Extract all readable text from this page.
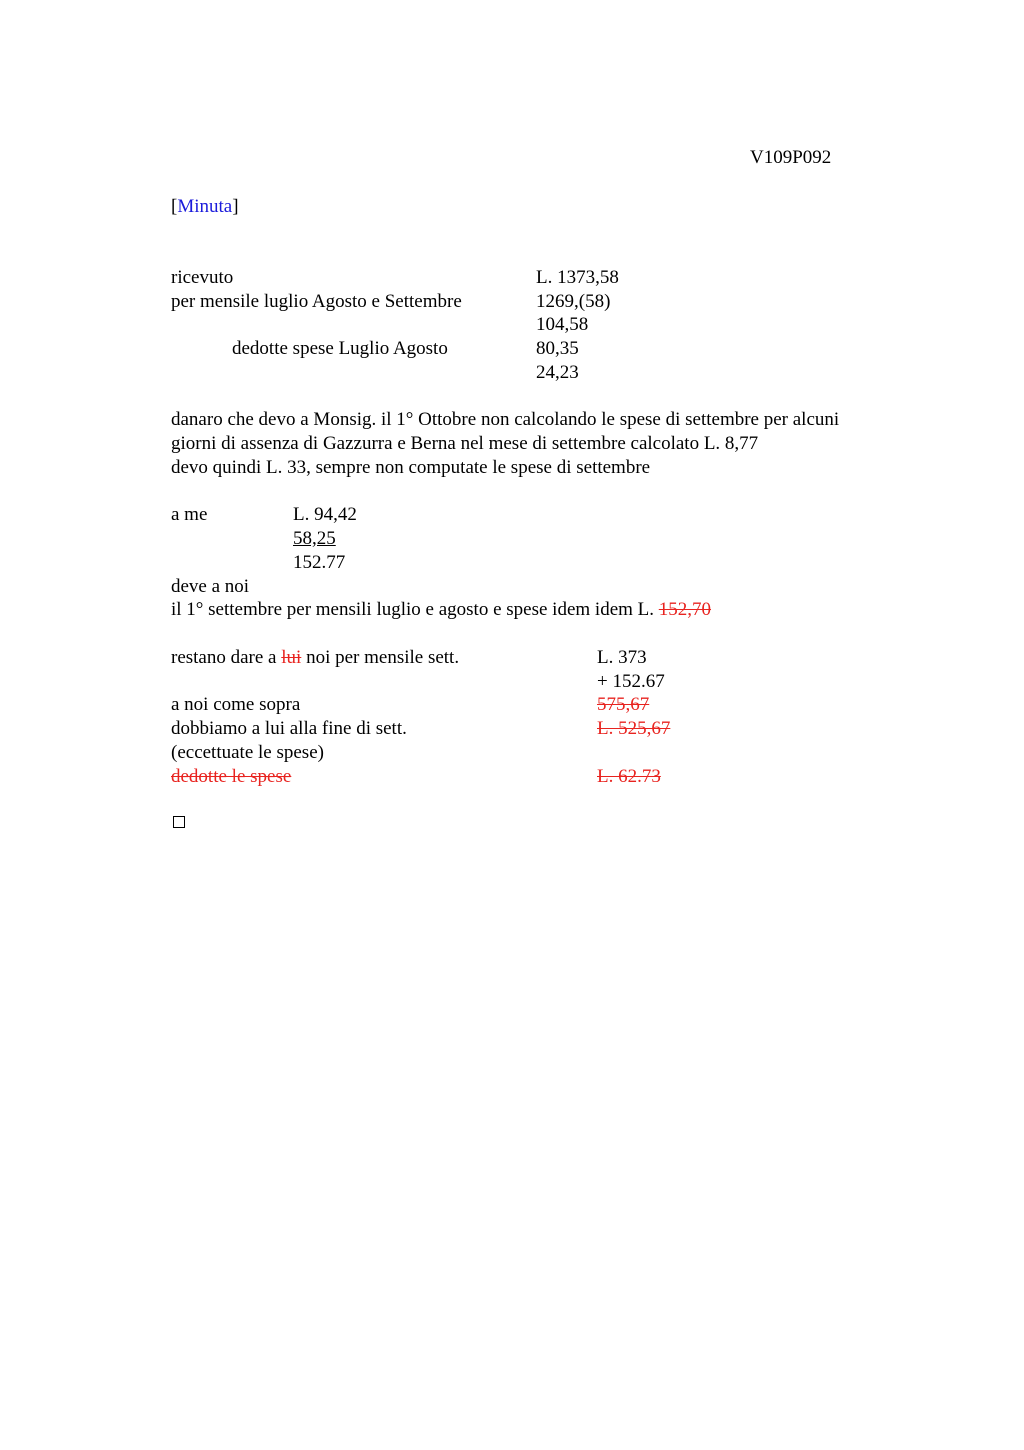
V109P092
[Minuta]
ricevuto	L. 1373,58
per mensile luglio Agosto e Settembre	1269,(58)
104,58
dedotte spese Luglio Agosto	80,35
24,23
danaro che devo a Monsig. il 1° Ottobre non calcolando le spese di settembre per alcuni
giorni di assenza di Gazzurra e Berna nel mese di settembre calcolato L. 8,77
devo quindi L. 33, sempre non computate le spese di settembre
a me	L. 94,42
58,25
152.77
deve a noi
il 1° settembre per mensili luglio e agosto e spese idem idem L. 152,70
restano dare a lui noi per mensile sett.	L. 373
+ 152.67
a noi come sopra	575,67
dobbiamo a lui alla fine di sett.	L. 525,67
(eccettuate le spese)
dedotte le spese	L. 62.73
